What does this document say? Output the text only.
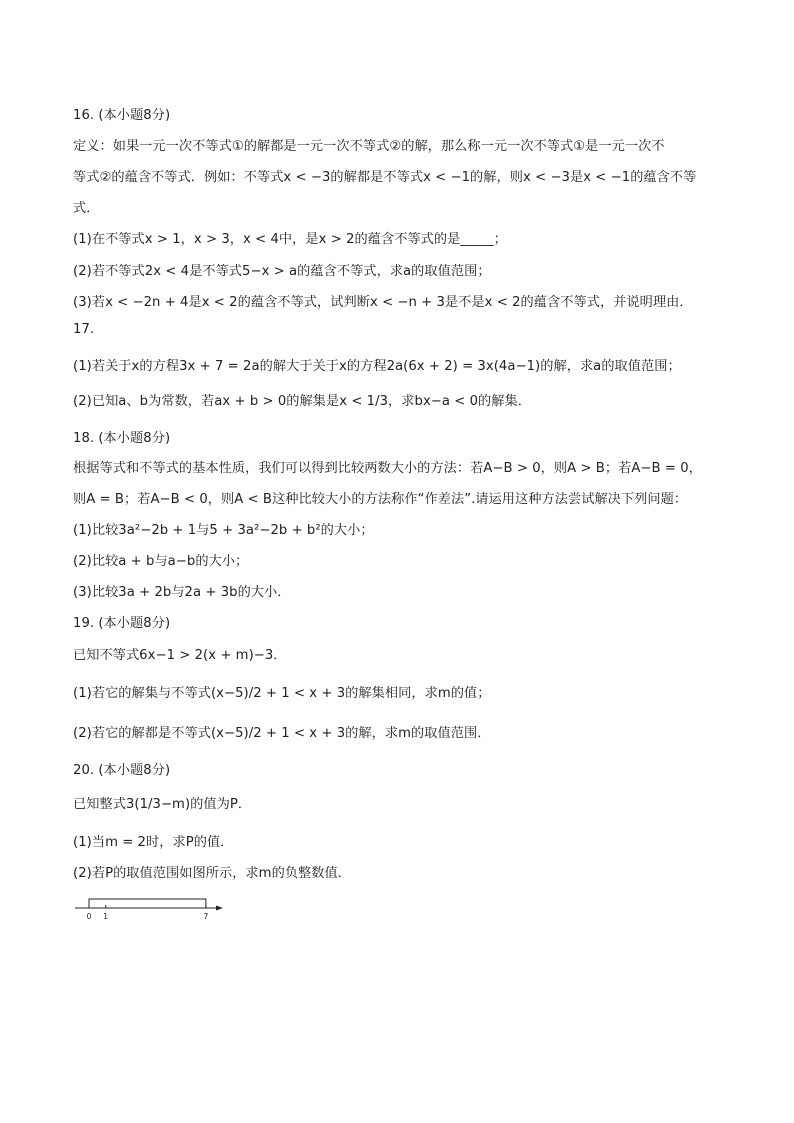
16. (本小题8分)
定义：如果一元一次不等式①的解都是一元一次不等式②的解，那么称一元一次不等式①是一元一次不
等式②的蕴含不等式．例如：不等式x < −3的解都是不等式x < −1的解，则x < −3是x < −1的蕴含不等
式．
(1)在不等式x > 1，x > 3，x < 4中，是x > 2的蕴含不等式的是_____；
(2)若不等式2x < 4是不等式5−x > a的蕴含不等式，求a的取值范围；
(3)若x < −2n + 4是x < 2的蕴含不等式，试判断x < −n + 3是不是x < 2的蕴含不等式，并说明理由．
17.
(1)若关于x的方程3x + 7 = 2a的解大于关于x的方程2a(6x + 2) = 3x(4a−1)的解，求a的取值范围；
(2)已知a、b为常数，若ax + b > 0的解集是x < 1/3，求bx−a < 0的解集．
18. (本小题8分)
根据等式和不等式的基本性质，我们可以得到比较两数大小的方法：若A−B > 0，则A > B；若A−B = 0，
则A = B；若A−B < 0，则A < B这种比较大小的方法称作“作差法”.请运用这种方法尝试解决下列问题：
(1)比较3a²−2b + 1与5 + 3a²−2b + b²的大小；
(2)比较a + b与a−b的大小；
(3)比较3a + 2b与2a + 3b的大小．
19. (本小题8分)
已知不等式6x−1 > 2(x + m)−3．
(1)若它的解集与不等式(x−5)/2 + 1 < x + 3的解集相同，求m的值；
(2)若它的解都是不等式(x−5)/2 + 1 < x + 3的解，求m的取值范围．
20. (本小题8分)
已知整式3(1/3−m)的值为P．
(1)当m = 2时，求P的值．
(2)若P的取值范围如图所示，求m的负整数值．
0 1	7
